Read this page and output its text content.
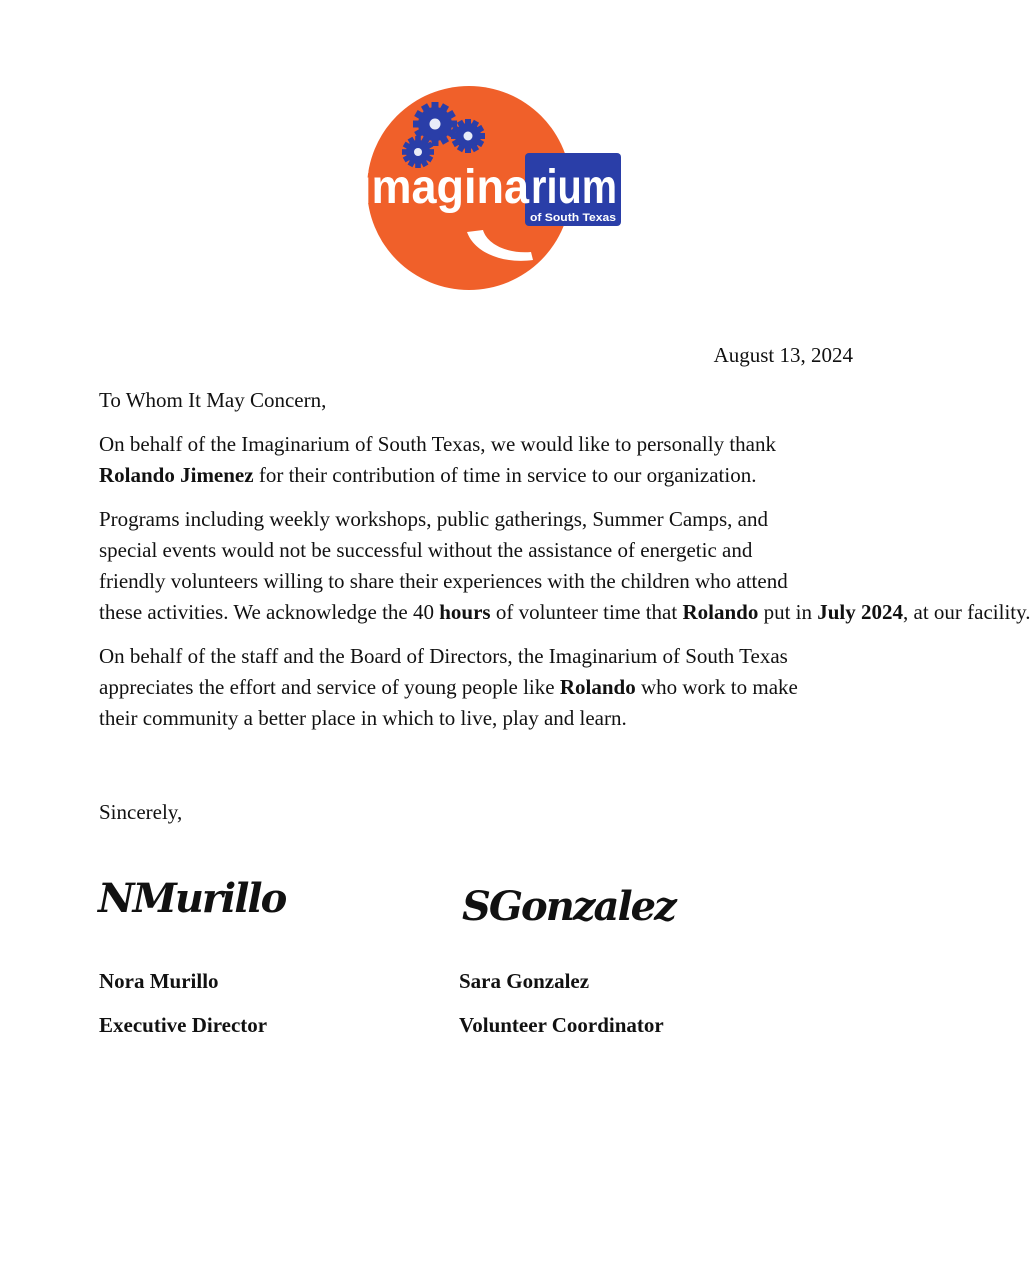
imagina rium
of South Texas
August 13, 2024

To Whom It May Concern,

On behalf of the Imaginarium of South Texas, we would like to personally thank
Rolando Jimenez for their contribution of time in service to our organization.

Programs including weekly workshops, public gatherings, Summer Camps, and
special events would not be successful without the assistance of energetic and
friendly volunteers willing to share their experiences with the children who attend
these activities. We acknowledge the 40 hours of volunteer time that Rolando put in July 2024, at our facility.

On behalf of the staff and the Board of Directors, the Imaginarium of South Texas
appreciates the effort and service of young people like Rolando who work to make
their community a better place in which to live, play and learn.

Sincerely,

NMurillo	SGonzalez
Nora Murillo
Executive Director
Sara Gonzalez
Volunteer Coordinator
